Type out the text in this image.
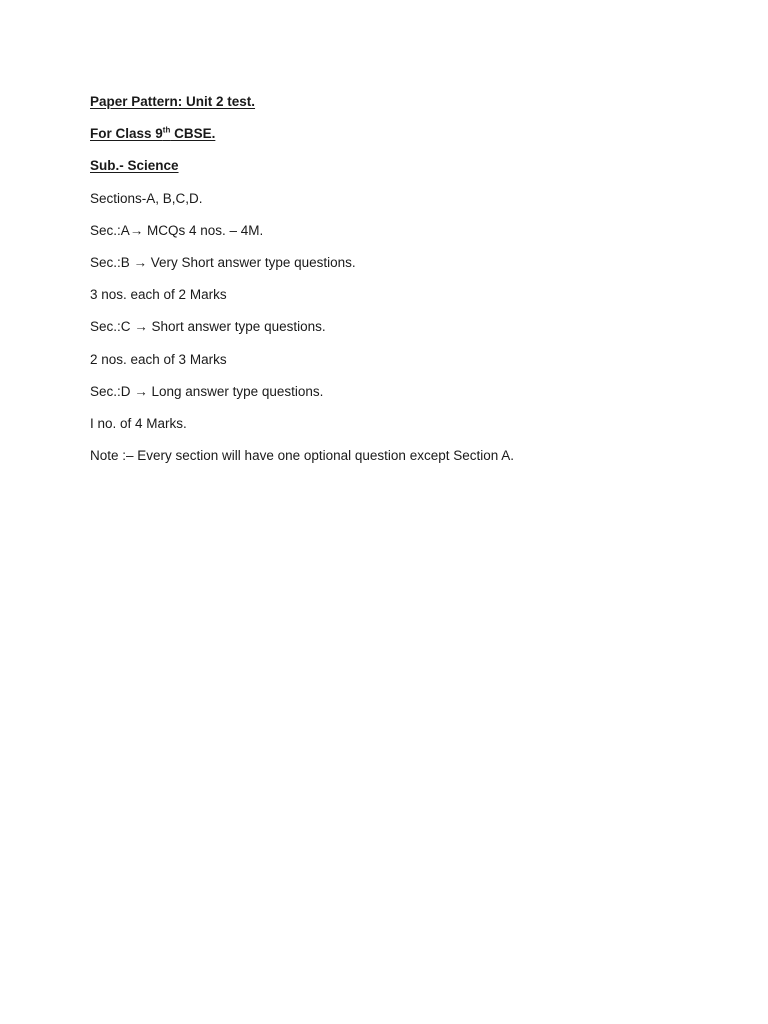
Paper Pattern: Unit 2 test.
For Class 9th CBSE.
Sub.- Science
Sections-A, B,C,D.
Sec.:A→ MCQs 4 nos. – 4M.
Sec.:B → Very Short answer type questions.
3 nos. each of 2 Marks
Sec.:C → Short answer type questions.
2 nos. each of 3 Marks
Sec.:D → Long answer type questions.
I no. of 4 Marks.
Note :– Every section will have one optional question except Section A.
